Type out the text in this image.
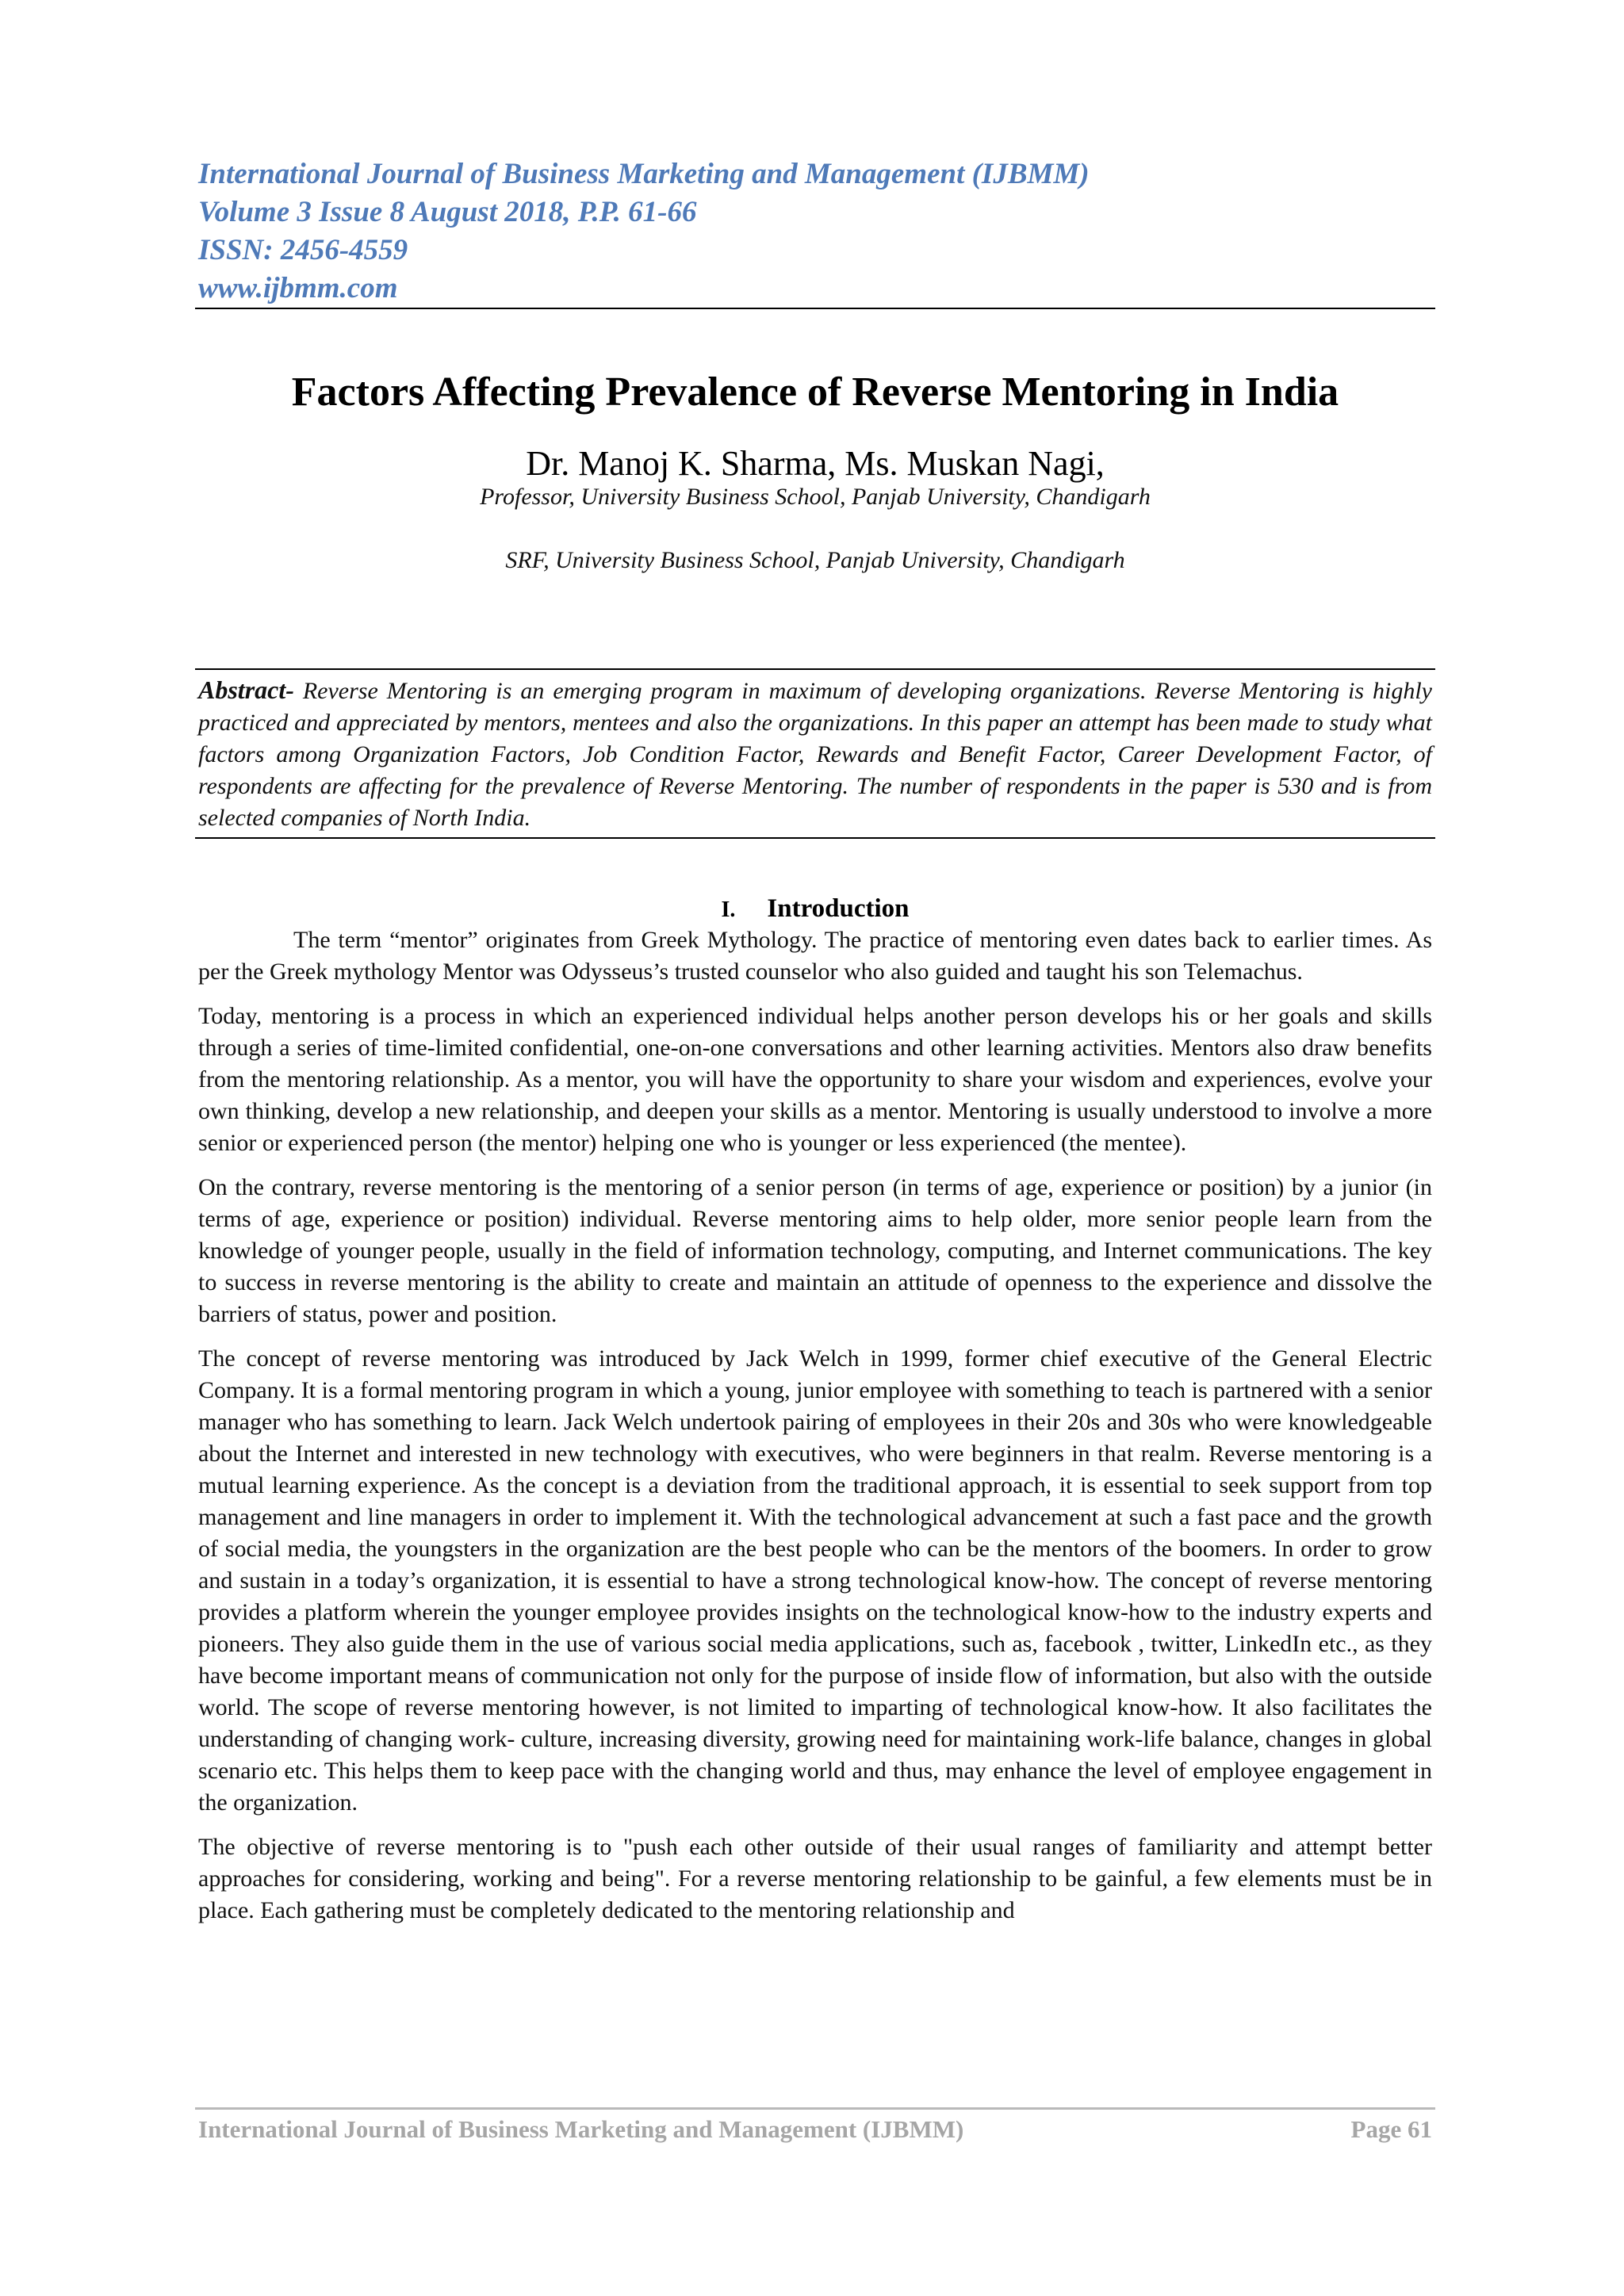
International Journal of Business Marketing and Management (IJBMM)
Volume 3 Issue 8 August 2018, P.P. 61-66
ISSN: 2456-4559
www.ijbmm.com
Factors Affecting Prevalence of Reverse Mentoring in India
Dr. Manoj K. Sharma, Ms. Muskan Nagi,
Professor, University Business School, Panjab University, Chandigarh
SRF, University Business School, Panjab University, Chandigarh
Abstract- Reverse Mentoring is an emerging program in maximum of developing organizations. Reverse Mentoring is highly practiced and appreciated by mentors, mentees and also the organizations. In this paper an attempt has been made to study what factors among Organization Factors, Job Condition Factor, Rewards and Benefit Factor, Career Development Factor, of respondents are affecting for the prevalence of Reverse Mentoring. The number of respondents in the paper is 530 and is from selected companies of North India.
I. Introduction

The term “mentor” originates from Greek Mythology. The practice of mentoring even dates back to earlier times. As per the Greek mythology Mentor was Odysseus’s trusted counselor who also guided and taught his son Telemachus.

Today, mentoring is a process in which an experienced individual helps another person develops his or her goals and skills through a series of time-limited confidential, one-on-one conversations and other learning activities. Mentors also draw benefits from the mentoring relationship. As a mentor, you will have the opportunity to share your wisdom and experiences, evolve your own thinking, develop a new relationship, and deepen your skills as a mentor. Mentoring is usually understood to involve a more senior or experienced person (the mentor) helping one who is younger or less experienced (the mentee).

On the contrary, reverse mentoring is the mentoring of a senior person (in terms of age, experience or position) by a junior (in terms of age, experience or position) individual. Reverse mentoring aims to help older, more senior people learn from the knowledge of younger people, usually in the field of information technology, computing, and Internet communications. The key to success in reverse mentoring is the ability to create and maintain an attitude of openness to the experience and dissolve the barriers of status, power and position.

The concept of reverse mentoring was introduced by Jack Welch in 1999, former chief executive of the General Electric Company. It is a formal mentoring program in which a young, junior employee with something to teach is partnered with a senior manager who has something to learn. Jack Welch undertook pairing of employees in their 20s and 30s who were knowledgeable about the Internet and interested in new technology with executives, who were beginners in that realm. Reverse mentoring is a mutual learning experience. As the concept is a deviation from the traditional approach, it is essential to seek support from top management and line managers in order to implement it. With the technological advancement at such a fast pace and the growth of social media, the youngsters in the organization are the best people who can be the mentors of the boomers. In order to grow and sustain in a today’s organization, it is essential to have a strong technological know-how. The concept of reverse mentoring provides a platform wherein the younger employee provides insights on the technological know-how to the industry experts and pioneers. They also guide them in the use of various social media applications, such as, facebook , twitter, LinkedIn etc., as they have become important means of communication not only for the purpose of inside flow of information, but also with the outside world. The scope of reverse mentoring however, is not limited to imparting of technological know-how. It also facilitates the understanding of changing work- culture, increasing diversity, growing need for maintaining work-life balance, changes in global scenario etc. This helps them to keep pace with the changing world and thus, may enhance the level of employee engagement in the organization.

The objective of reverse mentoring is to "push each other outside of their usual ranges of familiarity and attempt better approaches for considering, working and being". For a reverse mentoring relationship to be gainful, a few elements must be in place. Each gathering must be completely dedicated to the mentoring relationship and

International Journal of Business Marketing and Management (IJBMM)	Page 61
